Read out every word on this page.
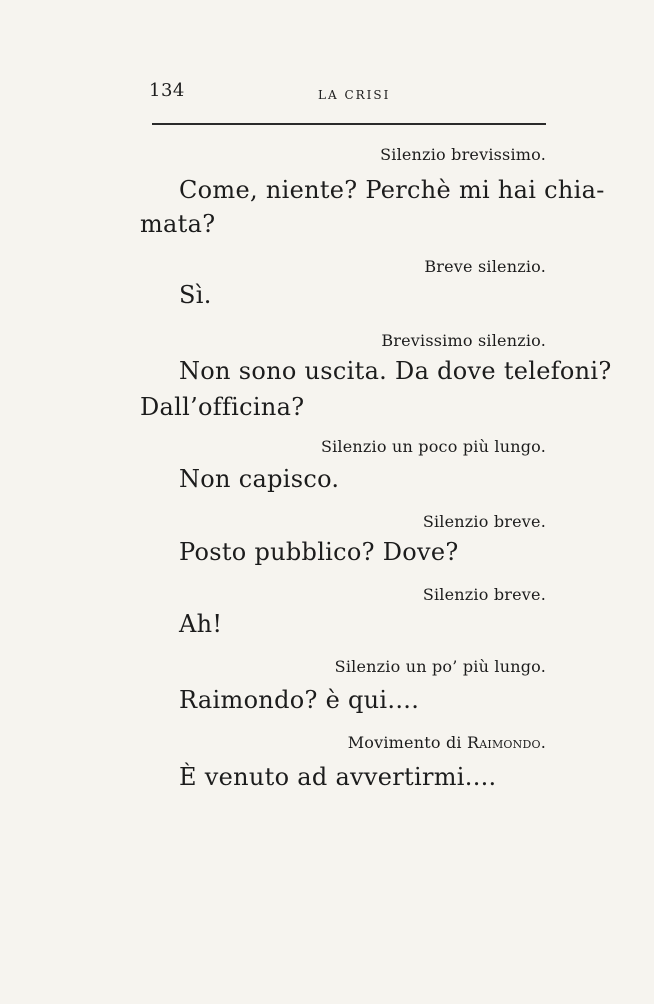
134	LA CRISI
Silenzio brevissimo.
Come, niente? Perchè mi hai chia-
mata?
Breve silenzio.
Sì.
Brevissimo silenzio.
Non sono uscita. Da dove telefoni?
Dall’officina?
Silenzio un poco più lungo.
Non capisco.
Silenzio breve.
Posto pubblico? Dove?
Silenzio breve.
Ah!
Silenzio un po’ più lungo.
Raimondo? è qui....
Movimento di Raimondo.
È venuto ad avvertirmi....
